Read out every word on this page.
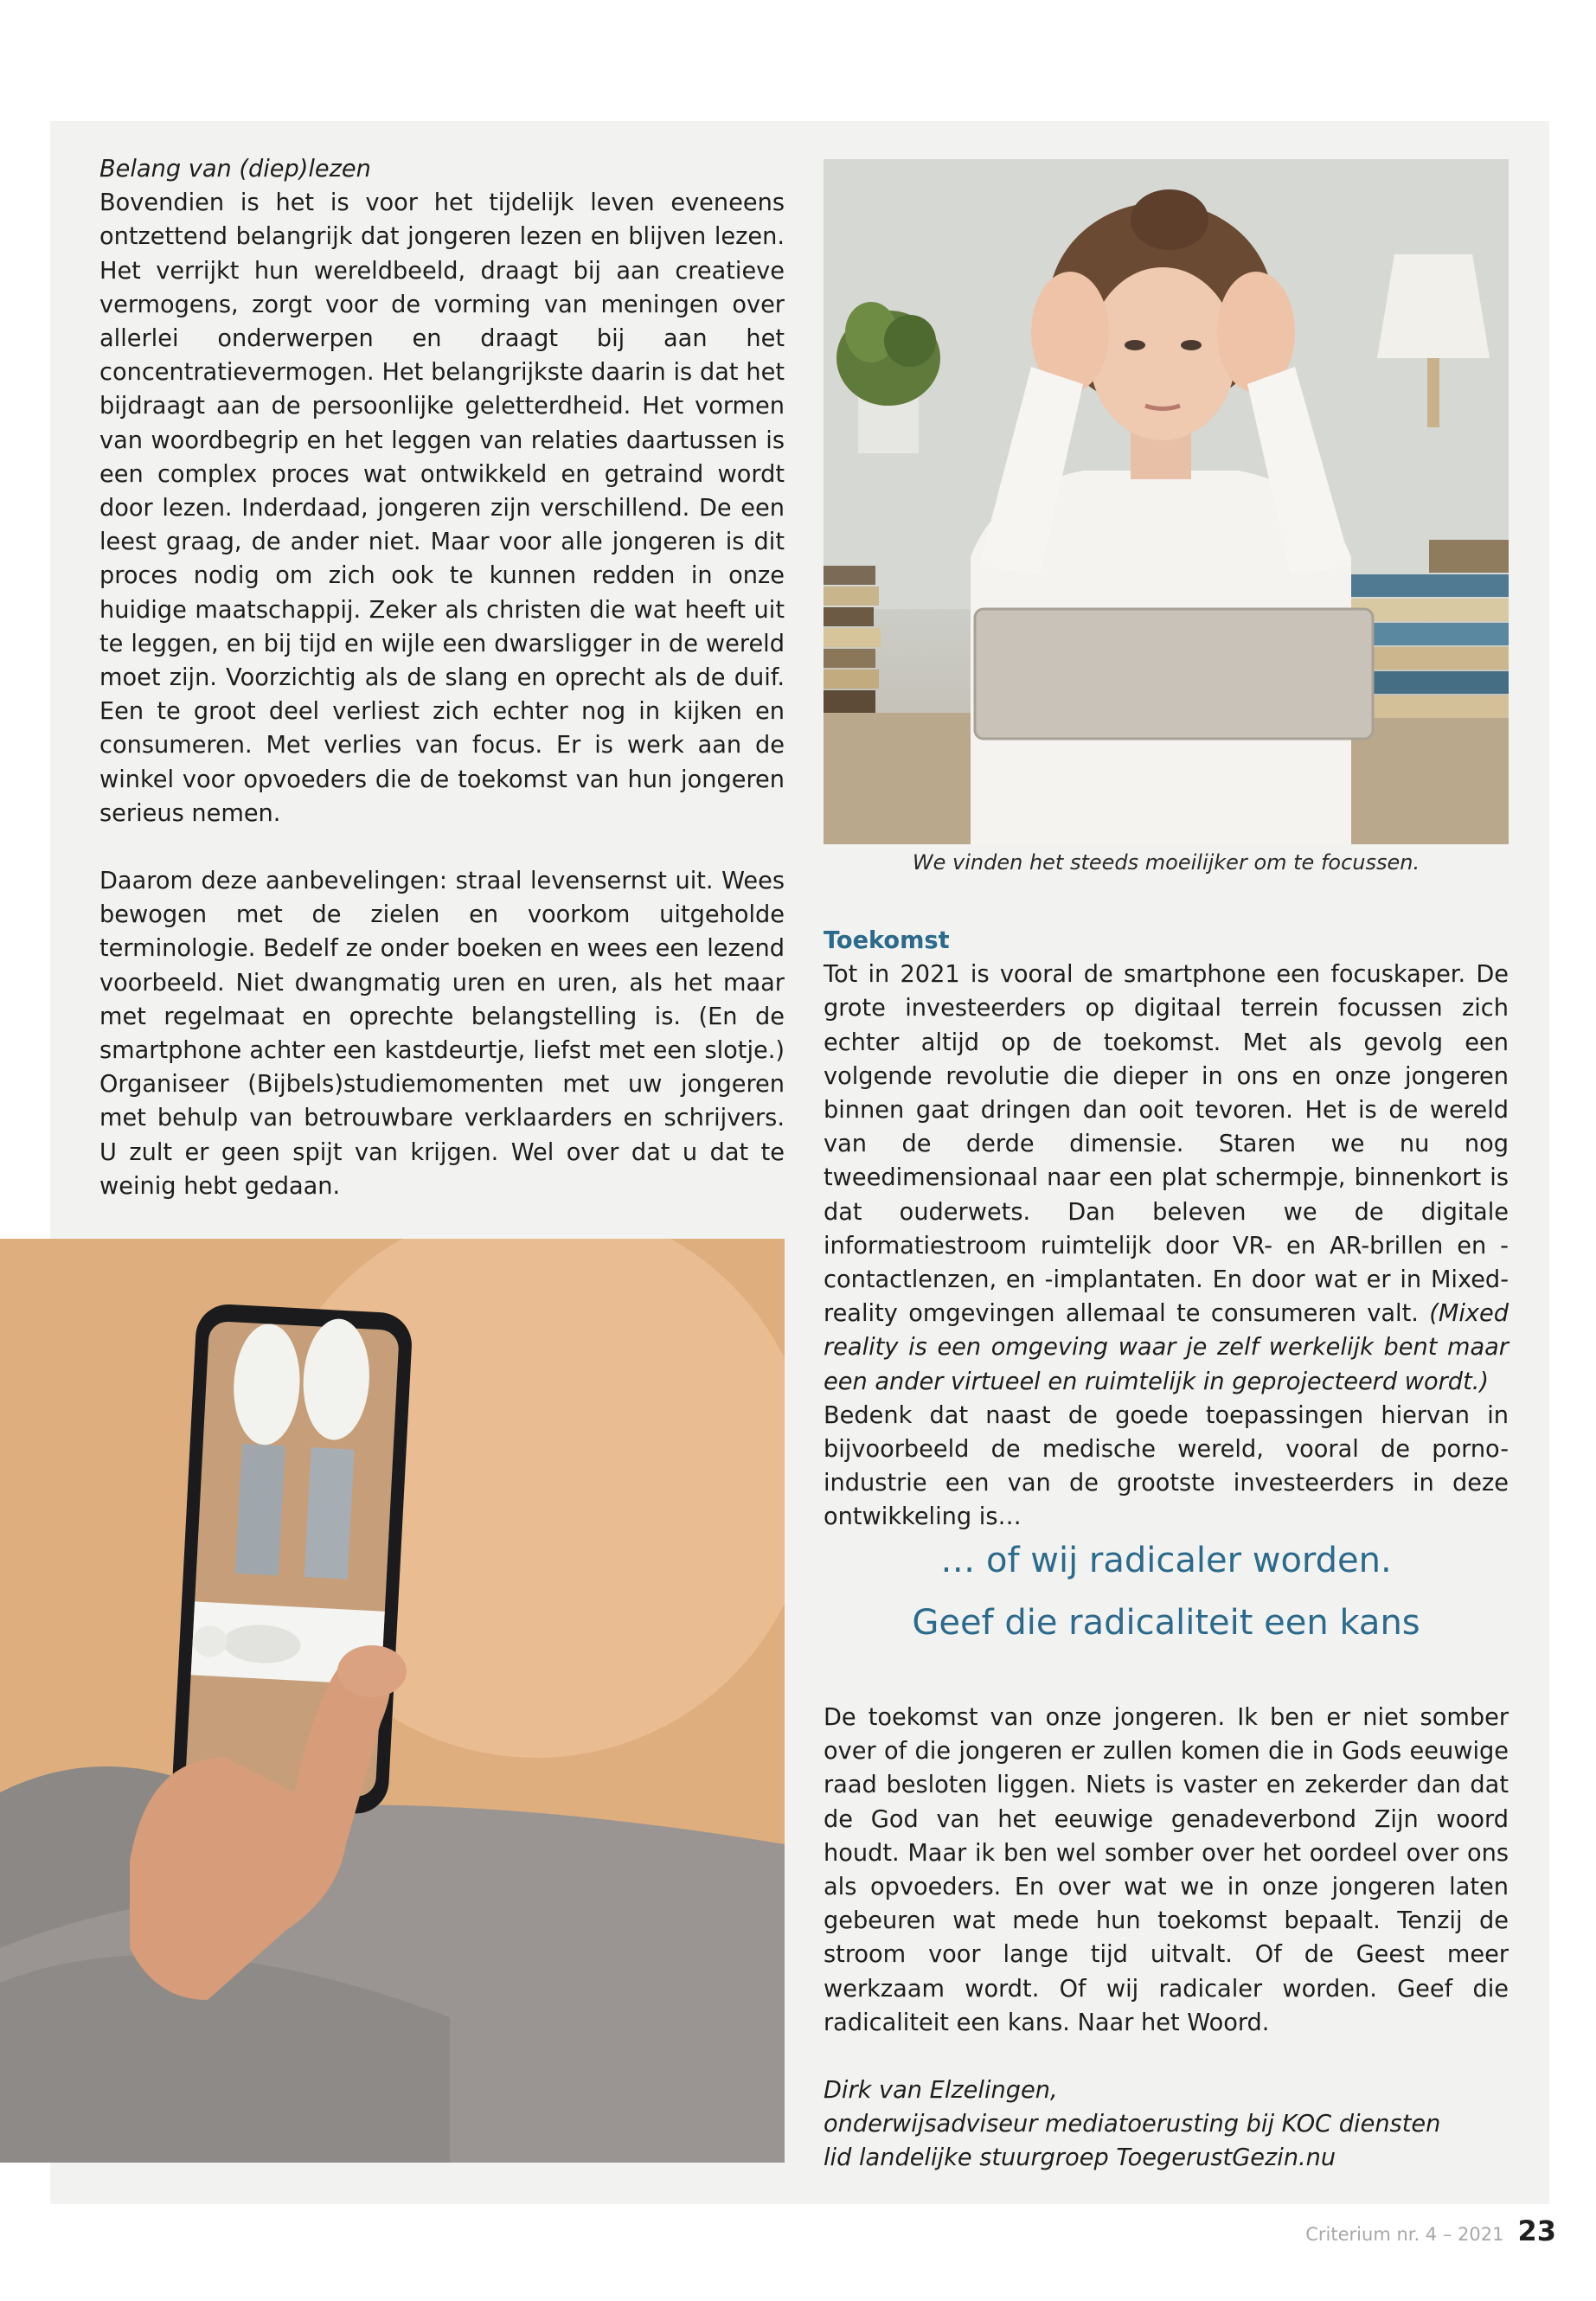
Belang van (diep)lezen

Bovendien is het is voor het tijdelijk leven eveneens ontzettend belangrijk dat jongeren lezen en blijven lezen. Het verrijkt hun wereldbeeld, draagt bij aan creatieve vermogens, zorgt voor de vorming van meningen over allerlei onderwerpen en draagt bij aan het concentratievermogen. Het belangrijkste daarin is dat het bijdraagt aan de persoonlijke geletterdheid. Het vormen van woordbegrip en het leggen van relaties daartussen is een complex proces wat ontwikkeld en getraind wordt door lezen. Inderdaad, jongeren zijn verschillend. De een leest graag, de ander niet. Maar voor alle jongeren is dit proces nodig om zich ook te kunnen redden in onze huidige maatschappij. Zeker als christen die wat heeft uit te leggen, en bij tijd en wijle een dwarsligger in de wereld moet zijn. Voorzichtig als de slang en oprecht als de duif. Een te groot deel verliest zich echter nog in kijken en consumeren. Met verlies van focus. Er is werk aan de winkel voor opvoeders die de toekomst van hun jongeren serieus nemen.

Daarom deze aanbevelingen: straal levensernst uit. Wees bewogen met de zielen en voorkom uitgeholde terminologie. Bedelf ze onder boeken en wees een lezend voorbeeld. Niet dwangmatig uren en uren, als het maar met regelmaat en oprechte belangstelling is. (En de smartphone achter een kastdeurtje, liefst met een slotje.) Organiseer (Bijbels)studiemomenten met uw jongeren met behulp van betrouwbare verklaarders en schrijvers. U zult er geen spijt van krijgen. Wel over dat u dat te weinig hebt gedaan.

We vinden het steeds moeilijker om te focussen.

Toekomst

Tot in 2021 is vooral de smartphone een focuskaper. De grote investeerders op digitaal terrein focussen zich echter altijd op de toekomst. Met als gevolg een volgende revolutie die dieper in ons en onze jongeren binnen gaat dringen dan ooit tevoren. Het is de wereld van de derde dimensie. Staren we nu nog tweedimensionaal naar een plat schermpje, binnenkort is dat ouderwets. Dan beleven we de digitale informatiestroom ruimtelijk door VR- en AR-brillen en -contactlenzen, en -implantaten. En door wat er in Mixed-reality omgevingen allemaal te consumeren valt. (Mixed reality is een omgeving waar je zelf werkelijk bent maar een ander virtueel en ruimtelijk in geprojecteerd wordt.)

Bedenk dat naast de goede toepassingen hiervan in bijvoorbeeld de medische wereld, vooral de porno-industrie een van de grootste investeerders in deze ontwikkeling is…

… of wij radicaler worden.
Geef die radicaliteit een kans

De toekomst van onze jongeren. Ik ben er niet somber over of die jongeren er zullen komen die in Gods eeuwige raad besloten liggen. Niets is vaster en zekerder dan dat de God van het eeuwige genadeverbond Zijn woord houdt. Maar ik ben wel somber over het oordeel over ons als opvoeders. En over wat we in onze jongeren laten gebeuren wat mede hun toekomst bepaalt. Tenzij de stroom voor lange tijd uitvalt. Of de Geest meer werkzaam wordt. Of wij radicaler worden. Geef die radicaliteit een kans. Naar het Woord.

Dirk van Elzelingen,
onderwijsadviseur mediatoerusting bij KOC diensten
lid landelijke stuurgroep ToegerustGezin.nu

Criterium nr. 4 – 2021 23
